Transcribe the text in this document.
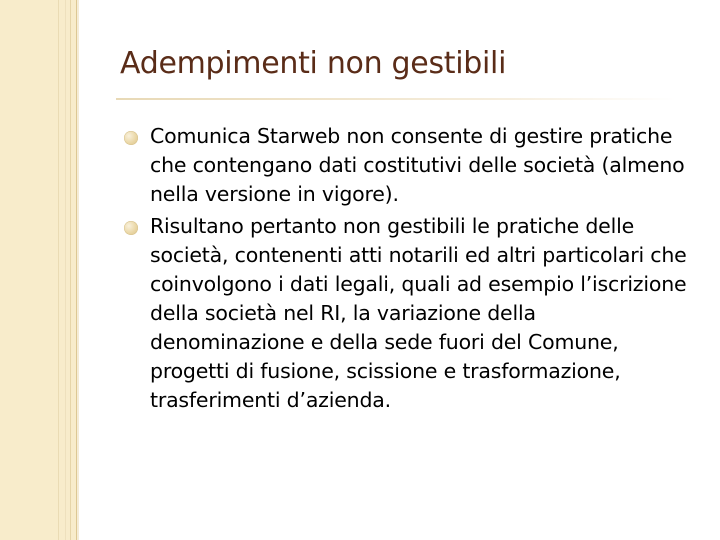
Adempimenti non gestibili
Comunica Starweb non consente di gestire pratiche che contengano dati costitutivi delle società (almeno nella versione in vigore).
Risultano pertanto non gestibili le pratiche delle società, contenenti atti notarili ed altri particolari che coinvolgono i dati legali, quali ad esempio l’iscrizione della società nel RI, la variazione della denominazione e della sede fuori del Comune, progetti di fusione, scissione e trasformazione, trasferimenti d’azienda.
